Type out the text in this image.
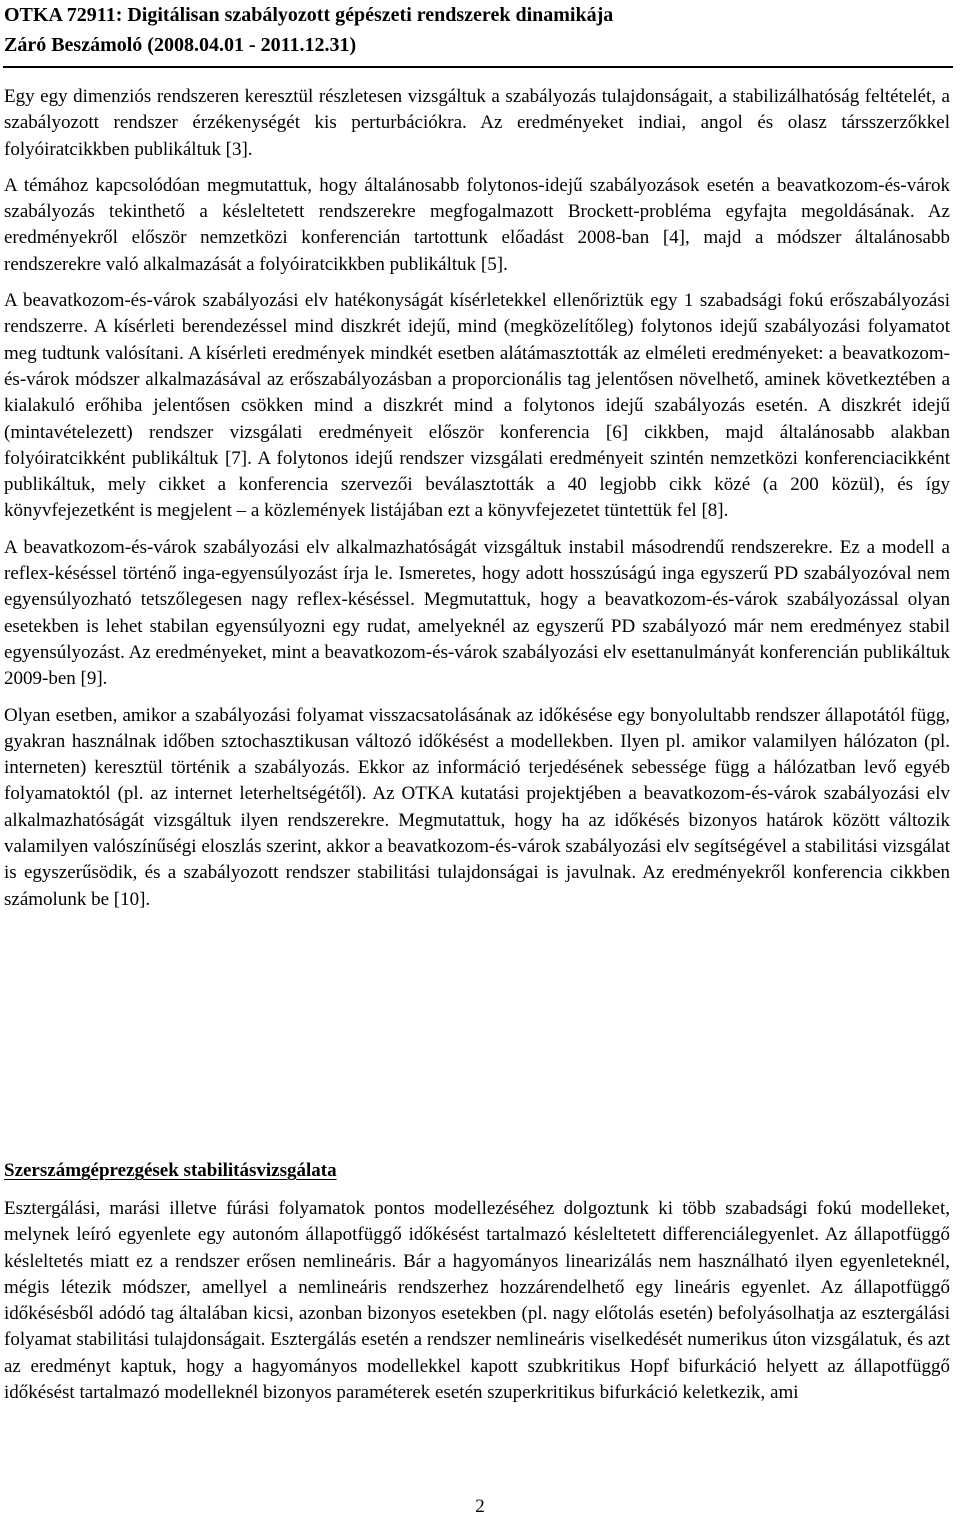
OTKA 72911: Digitálisan szabályozott gépészeti rendszerek dinamikája
Záró Beszámoló (2008.04.01 - 2011.12.31)

Egy egy dimenziós rendszeren keresztül részletesen vizsgáltuk a szabályozás tulajdonságait, a stabilizálhatóság feltételét, a szabályozott rendszer érzékenységét kis perturbációkra. Az eredményeket indiai, angol és olasz társszerzőkkel folyóiratcikkben publikáltuk [3].

A témához kapcsolódóan megmutattuk, hogy általánosabb folytonos-idejű szabályozások esetén a beavatkozom-és-várok szabályozás tekinthető a késleltetett rendszerekre megfogalmazott Brockett-probléma egyfajta megoldásának. Az eredményekről először nemzetközi konferencián tartottunk előadást 2008-ban [4], majd a módszer általánosabb rendszerekre való alkalmazását a folyóiratcikkben publikáltuk [5].

A beavatkozom-és-várok szabályozási elv hatékonyságát kísérletekkel ellenőriztük egy 1 szabadsági fokú erőszabályozási rendszerre. A kísérleti berendezéssel mind diszkrét idejű, mind (megközelítőleg) folytonos idejű szabályozási folyamatot meg tudtunk valósítani. A kísérleti eredmények mindkét esetben alátámasztották az elméleti eredményeket: a beavatkozom-és-várok módszer alkalmazásával az erőszabályozásban a proporcionális tag jelentősen növelhető, aminek következtében a kialakuló erőhiba jelentősen csökken mind a diszkrét mind a folytonos idejű szabályozás esetén. A diszkrét idejű (mintavételezett) rendszer vizsgálati eredményeit először konferencia [6] cikkben, majd általánosabb alakban folyóiratcikként publikáltuk [7]. A folytonos idejű rendszer vizsgálati eredményeit szintén nemzetközi konferenciacikként publikáltuk, mely cikket a konferencia szervezői beválasztották a 40 legjobb cikk közé (a 200 közül), és így könyvfejezetként is megjelent – a közlemények listájában ezt a könyvfejezetet tüntettük fel [8].

A beavatkozom-és-várok szabályozási elv alkalmazhatóságát vizsgáltuk instabil másodrendű rendszerekre. Ez a modell a reflex-késéssel történő inga-egyensúlyozást írja le. Ismeretes, hogy adott hosszúságú inga egyszerű PD szabályozóval nem egyensúlyozható tetszőlegesen nagy reflex-késéssel. Megmutattuk, hogy a beavatkozom-és-várok szabályozással olyan esetekben is lehet stabilan egyensúlyozni egy rudat, amelyeknél az egyszerű PD szabályozó már nem eredményez stabil egyensúlyozást. Az eredményeket, mint a beavatkozom-és-várok szabályozási elv esettanulmányát konferencián publikáltuk 2009-ben [9].

Olyan esetben, amikor a szabályozási folyamat visszacsatolásának az időkésése egy bonyolultabb rendszer állapotától függ, gyakran használnak időben sztochasztikusan változó időkésést a modellekben. Ilyen pl. amikor valamilyen hálózaton (pl. interneten) keresztül történik a szabályozás. Ekkor az információ terjedésének sebessége függ a hálózatban levő egyéb folyamatoktól (pl. az internet leterheltségétől). Az OTKA kutatási projektjében a beavatkozom-és-várok szabályozási elv alkalmazhatóságát vizsgáltuk ilyen rendszerekre. Megmutattuk, hogy ha az időkésés bizonyos határok között változik valamilyen valószínűségi eloszlás szerint, akkor a beavatkozom-és-várok szabályozási elv segítségével a stabilitási vizsgálat is egyszerűsödik, és a szabályozott rendszer stabilitási tulajdonságai is javulnak. Az eredményekről konferencia cikkben számolunk be [10].

Szerszámgéprezgések stabilitásvizsgálata

Esztergálási, marási illetve fúrási folyamatok pontos modellezéséhez dolgoztunk ki több szabadsági fokú modelleket, melynek leíró egyenlete egy autonóm állapotfüggő időkésést tartalmazó késleltetett differenciálegyenlet. Az állapotfüggő késleltetés miatt ez a rendszer erősen nemlineáris. Bár a hagyományos linearizálás nem használható ilyen egyenleteknél, mégis létezik módszer, amellyel a nemlineáris rendszerhez hozzárendelhető egy lineáris egyenlet. Az állapotfüggő időkésésből adódó tag általában kicsi, azonban bizonyos esetekben (pl. nagy előtolás esetén) befolyásolhatja az esztergálási folyamat stabilitási tulajdonságait. Esztergálás esetén a rendszer nemlineáris viselkedését numerikus úton vizsgálatuk, és azt az eredményt kaptuk, hogy a hagyományos modellekkel kapott szubkritikus Hopf bifurkáció helyett az állapotfüggő időkésést tartalmazó modelleknél bizonyos paraméterek esetén szuperkritikus bifurkáció keletkezik, ami

2
